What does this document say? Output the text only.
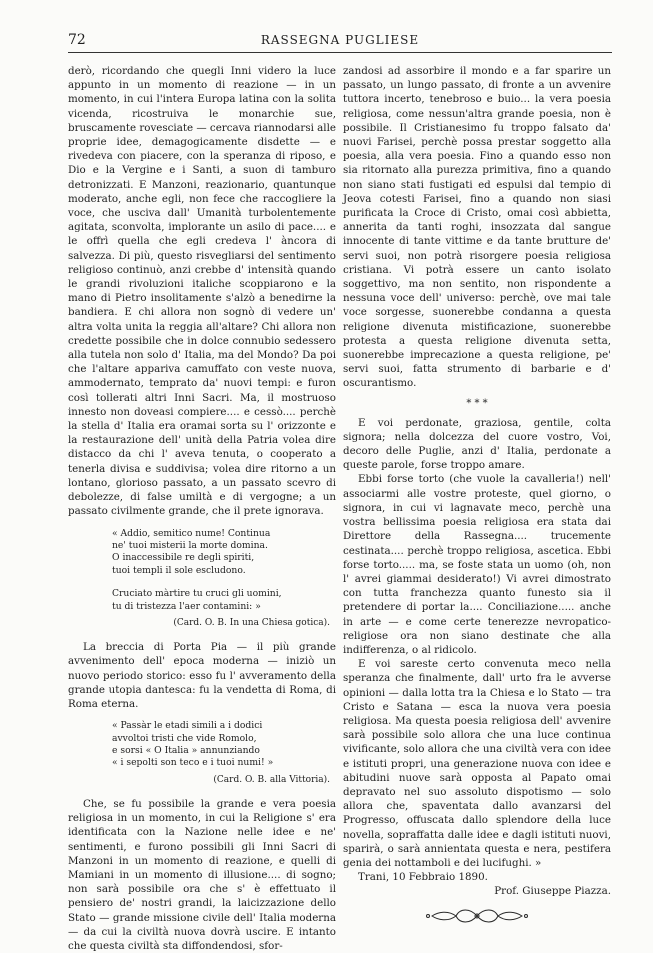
72	RASSEGNA PUGLIESE

derò, ricordando che quegli Inni videro la luce appunto in un momento di reazione — in un momento, in cui l'intera Europa latina con la solita vicenda, ricostruiva le monarchie sue, bruscamente rovesciate — cercava riannodarsi alle proprie idee, demagogicamente disdette — e rivedeva con piacere, con la speranza di riposo, e Dio e la Vergine e i Santi, a suon di tamburo detronizzati. E Manzoni, reazionario, quantunque moderato, anche egli, non fece che raccogliere la voce, che usciva dall' Umanità turbolentemente agitata, sconvolta, implorante un asilo di pace.... e le offrì quella che egli credeva l' àncora di salvezza. Di più, questo risvegliarsi del sentimento religioso continuò, anzi crebbe d' intensità quando le grandi rivoluzioni italiche scoppiarono e la mano di Pietro insolitamente s'alzò a benedirne la bandiera. E chi allora non sognò di vedere un' altra volta unita la reggia all'altare? Chi allora non credette possibile che in dolce connubio sedessero alla tutela non solo d' Italia, ma del Mondo? Da poi che l'altare appariva camuffato con veste nuova, ammodernato, temprato da' nuovi tempi: e furon così tollerati altri Inni Sacri. Ma, il mostruoso innesto non doveasi compiere.... e cessò.... perchè la stella d' Italia era oramai sorta su l' orizzonte e la restaurazione dell' unità della Patria volea dire distacco da chi l' aveva tenuta, o cooperato a tenerla divisa e suddivisa; volea dire ritorno a un lontano, glorioso passato, a un passato scevro di debolezze, di false umiltà e di vergogne; a un passato civilmente grande, che il prete ignorava.

« Addio, semitico nume! Continua
ne' tuoi misterii la morte domina.
O inaccessibile re degli spiriti,
tuoi templi il sole escludono.
Cruciato màrtire tu cruci gli uomini,
tu di tristezza l'aer contamini: »
(Card. O. B. In una Chiesa gotica).

La breccia di Porta Pia — il più grande avvenimento dell' epoca moderna — iniziò un nuovo periodo storico: esso fu l' avveramento della grande utopia dantesca: fu la vendetta di Roma, di Roma eterna.

« Passàr le etadi simili a i dodici
avvoltoi tristi che vide Romolo,
e sorsi « O Italia » annunziando
« i sepolti son teco e i tuoi numi! »
(Card. O. B. alla Vittoria).

Che, se fu possibile la grande e vera poesia religiosa in un momento, in cui la Religione s' era identificata con la Nazione nelle idee e ne' sentimenti, e furono possibili gli Inni Sacri di Manzoni in un momento di reazione, e quelli di Mamiani in un momento di illusione.... di sogno; non sarà possibile ora che s' è effettuato il pensiero de' nostri grandi, la laicizzazione dello Stato — grande missione civile dell' Italia moderna — da cui la civiltà nuova dovrà uscire. E intanto che questa civiltà sta diffondendosi, sfor-

zandosi ad assorbire il mondo e a far sparire un passato, un lungo passato, di fronte a un avvenire tuttora incerto, tenebroso e buio... la vera poesia religiosa, come nessun'altra grande poesia, non è possibile. Il Cristianesimo fu troppo falsato da' nuovi Farisei, perchè possa prestar soggetto alla poesia, alla vera poesia. Fino a quando esso non sia ritornato alla purezza primitiva, fino a quando non siano stati fustigati ed espulsi dal tempio di Jeova cotesti Farisei, fino a quando non siasi purificata la Croce di Cristo, omai così abbietta, annerita da tanti roghi, insozzata dal sangue innocente di tante vittime e da tante brutture de' servi suoi, non potrà risorgere poesia religiosa cristiana. Vi potrà essere un canto isolato soggettivo, ma non sentito, non rispondente a nessuna voce dell' universo: perchè, ove mai tale voce sorgesse, suonerebbe condanna a questa religione divenuta mistificazione, suonerebbe protesta a questa religione divenuta setta, suonerebbe imprecazione a questa religione, pe' servi suoi, fatta strumento di barbarie e d' oscurantismo.

* * *

E voi perdonate, graziosa, gentile, colta signora; nella dolcezza del cuore vostro, Voi, decoro delle Puglie, anzi d' Italia, perdonate a queste parole, forse troppo amare.

Ebbi forse torto (che vuole la cavalleria!) nell' associarmi alle vostre proteste, quel giorno, o signora, in cui vi lagnavate meco, perchè una vostra bellissima poesia religiosa era stata dai Direttore della Rassegna.... trucemente cestinata.... perchè troppo religiosa, ascetica. Ebbi forse torto..... ma, se foste stata un uomo (oh, non l' avrei giammai desiderato!) Vi avrei dimostrato con tutta franchezza quanto funesto sia il pretendere di portar la.... Conciliazione..... anche in arte — e come certe tenerezze nevropatico-religiose ora non siano destinate che alla indifferenza, o al ridicolo.

E voi sareste certo convenuta meco nella speranza che finalmente, dall' urto fra le avverse opinioni — dalla lotta tra la Chiesa e lo Stato — tra Cristo e Satana — esca la nuova vera poesia religiosa. Ma questa poesia religiosa dell' avvenire sarà possibile solo allora che una luce continua vivificante, solo allora che una civiltà vera con idee e istituti propri, una generazione nuova con idee e abitudini nuove sarà opposta al Papato omai depravato nel suo assoluto dispotismo — solo allora che, spaventata dallo avanzarsi del Progresso, offuscata dallo splendore della luce novella, sopraffatta dalle idee e dagli istituti nuovi, sparirà, o sarà annientata questa e nera, pestifera genia dei nottamboli e dei lucifughi. »

Trani, 10 Febbraio 1890.

Prof. Giuseppe Piazza.
